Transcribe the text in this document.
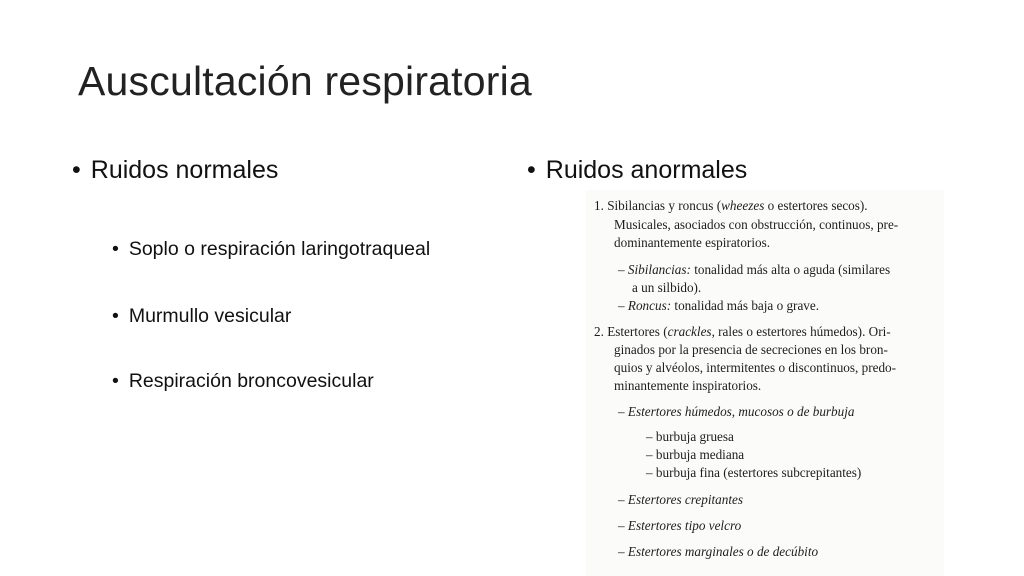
Auscultación respiratoria
• Ruidos normales	• Ruidos anormales
• Soplo o respiración laringotraqueal
• Murmullo vesicular
• Respiración broncovesicular
1. Sibilancias y roncus (wheezes o estertores secos).
Musicales, asociados con obstrucción, continuos, pre-
dominantemente espiratorios.
– Sibilancias: tonalidad más alta o aguda (similares
a un silbido).
– Roncus: tonalidad más baja o grave.
2. Estertores (crackles, rales o estertores húmedos). Ori-
ginados por la presencia de secreciones en los bron-
quios y alvéolos, intermitentes o discontinuos, predo-
minantemente inspiratorios.
– Estertores húmedos, mucosos o de burbuja
– burbuja gruesa
– burbuja mediana
– burbuja fina (estertores subcrepitantes)
– Estertores crepitantes
– Estertores tipo velcro
– Estertores marginales o de decúbito
